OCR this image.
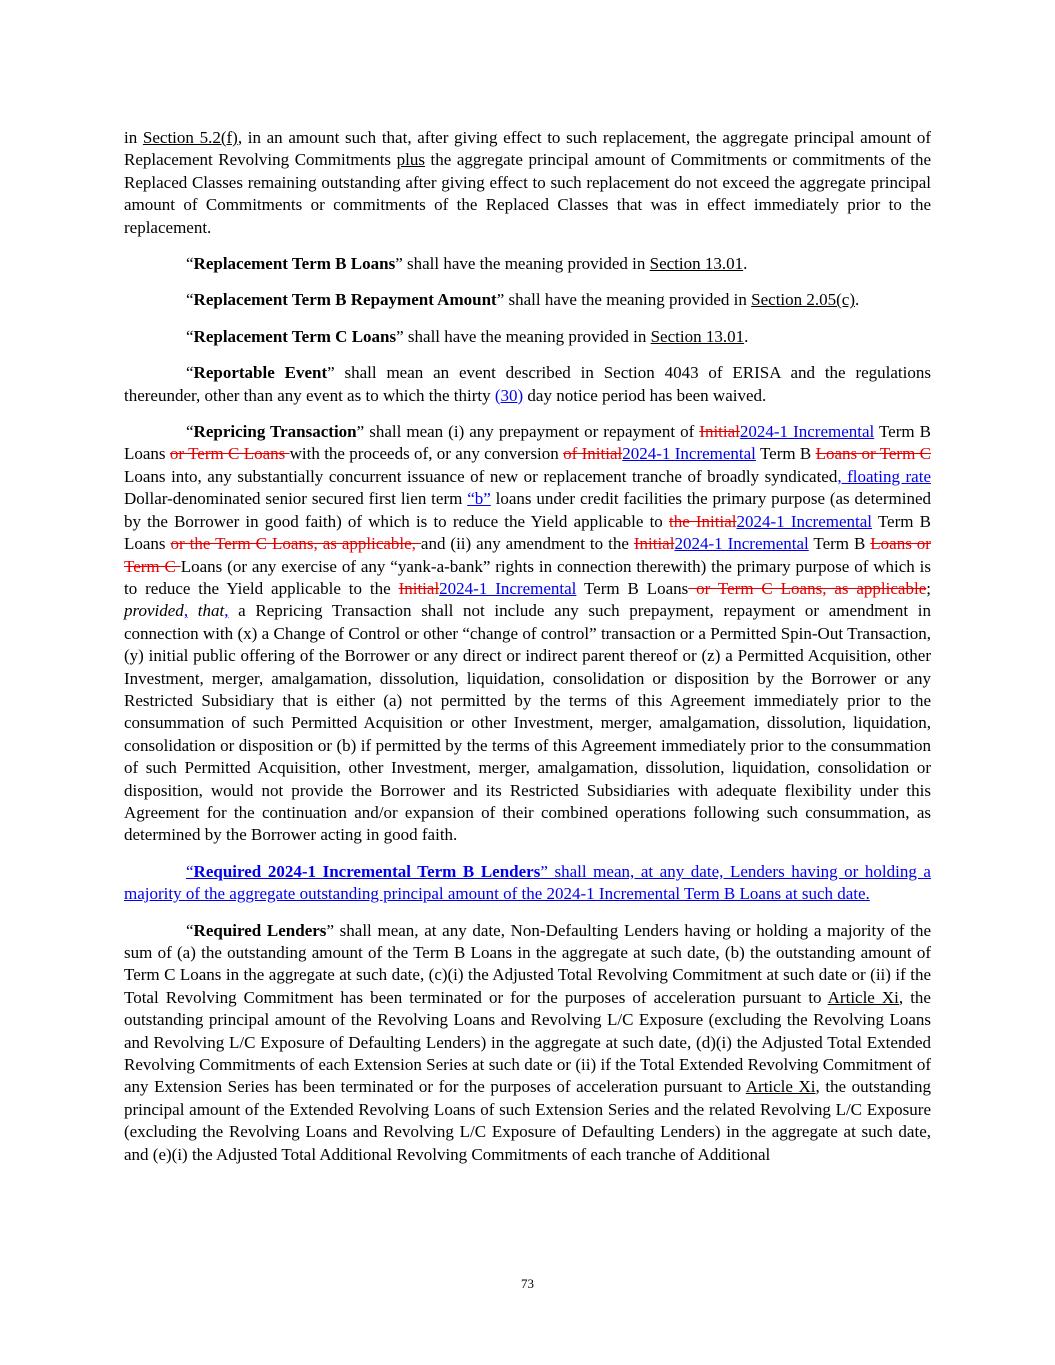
in Section 5.2(f), in an amount such that, after giving effect to such replacement, the aggregate principal amount of Replacement Revolving Commitments plus the aggregate principal amount of Commitments or commitments of the Replaced Classes remaining outstanding after giving effect to such replacement do not exceed the aggregate principal amount of Commitments or commitments of the Replaced Classes that was in effect immediately prior to the replacement.

“Replacement Term B Loans” shall have the meaning provided in Section 13.01.

“Replacement Term B Repayment Amount” shall have the meaning provided in Section 2.05(c).

“Replacement Term C Loans” shall have the meaning provided in Section 13.01.

“Reportable Event” shall mean an event described in Section 4043 of ERISA and the regulations thereunder, other than any event as to which the thirty (30) day notice period has been waived.

“Repricing Transaction” shall mean (i) any prepayment or repayment of Initial2024-1 Incremental Term B Loans or Term C Loans with the proceeds of, or any conversion of Initial2024-1 Incremental Term B Loans or Term C Loans into, any substantially concurrent issuance of new or replacement tranche of broadly syndicated, floating rate Dollar-denominated senior secured first lien term “b” loans under credit facilities the primary purpose (as determined by the Borrower in good faith) of which is to reduce the Yield applicable to the Initial2024-1 Incremental Term B Loans or the Term C Loans, as applicable, and (ii) any amendment to the Initial2024-1 Incremental Term B Loans or Term C Loans (or any exercise of any “yank-a-bank” rights in connection therewith) the primary purpose of which is to reduce the Yield applicable to the Initial2024-1 Incremental Term B Loans or Term C Loans, as applicable; provided, that, a Repricing Transaction shall not include any such prepayment, repayment or amendment in connection with (x) a Change of Control or other “change of control” transaction or a Permitted Spin-Out Transaction, (y) initial public offering of the Borrower or any direct or indirect parent thereof or (z) a Permitted Acquisition, other Investment, merger, amalgamation, dissolution, liquidation, consolidation or disposition by the Borrower or any Restricted Subsidiary that is either (a) not permitted by the terms of this Agreement immediately prior to the consummation of such Permitted Acquisition or other Investment, merger, amalgamation, dissolution, liquidation, consolidation or disposition or (b) if permitted by the terms of this Agreement immediately prior to the consummation of such Permitted Acquisition, other Investment, merger, amalgamation, dissolution, liquidation, consolidation or disposition, would not provide the Borrower and its Restricted Subsidiaries with adequate flexibility under this Agreement for the continuation and/or expansion of their combined operations following such consummation, as determined by the Borrower acting in good faith.

“Required 2024-1 Incremental Term B Lenders” shall mean, at any date, Lenders having or holding a majority of the aggregate outstanding principal amount of the 2024-1 Incremental Term B Loans at such date.

“Required Lenders” shall mean, at any date, Non-Defaulting Lenders having or holding a majority of the sum of (a) the outstanding amount of the Term B Loans in the aggregate at such date, (b) the outstanding amount of Term C Loans in the aggregate at such date, (c)(i) the Adjusted Total Revolving Commitment at such date or (ii) if the Total Revolving Commitment has been terminated or for the purposes of acceleration pursuant to Article Xi, the outstanding principal amount of the Revolving Loans and Revolving L/C Exposure (excluding the Revolving Loans and Revolving L/C Exposure of Defaulting Lenders) in the aggregate at such date, (d)(i) the Adjusted Total Extended Revolving Commitments of each Extension Series at such date or (ii) if the Total Extended Revolving Commitment of any Extension Series has been terminated or for the purposes of acceleration pursuant to Article Xi, the outstanding principal amount of the Extended Revolving Loans of such Extension Series and the related Revolving L/C Exposure (excluding the Revolving Loans and Revolving L/C Exposure of Defaulting Lenders) in the aggregate at such date, and (e)(i) the Adjusted Total Additional Revolving Commitments of each tranche of Additional

73
